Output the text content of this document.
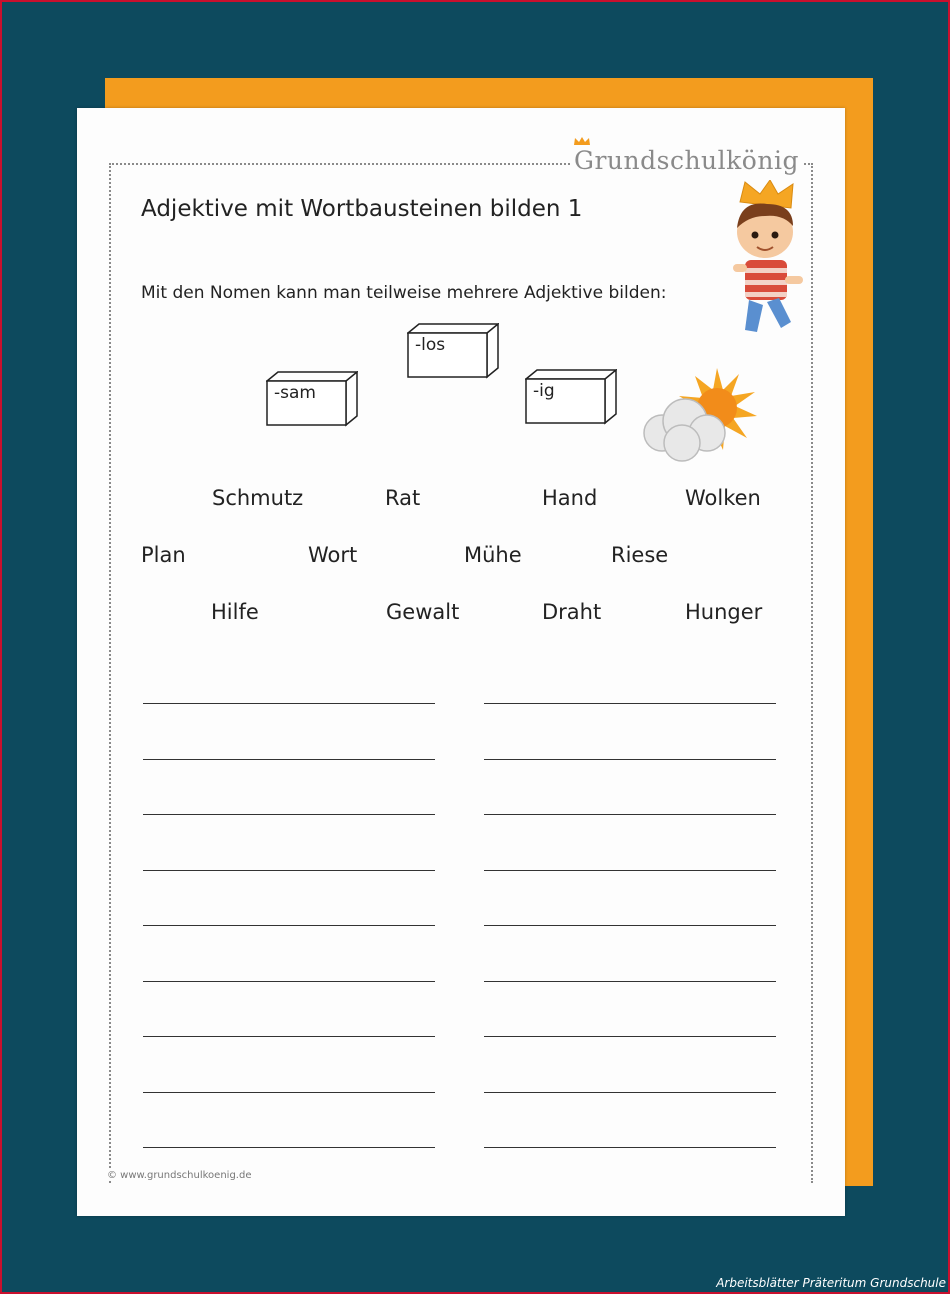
Grundschulkönig
Adjektive mit Wortbausteinen bilden 1
Mit den Nomen kann man teilweise mehrere Adjektive bilden:
-los
-sam	-ig
Schmutz	Rat	Hand	Wolken
Plan	Wort	Mühe	Riese
Hilfe	Gewalt	Draht	Hunger
© www.grundschulkoenig.de
Arbeitsblätter Präteritum Grundschule
